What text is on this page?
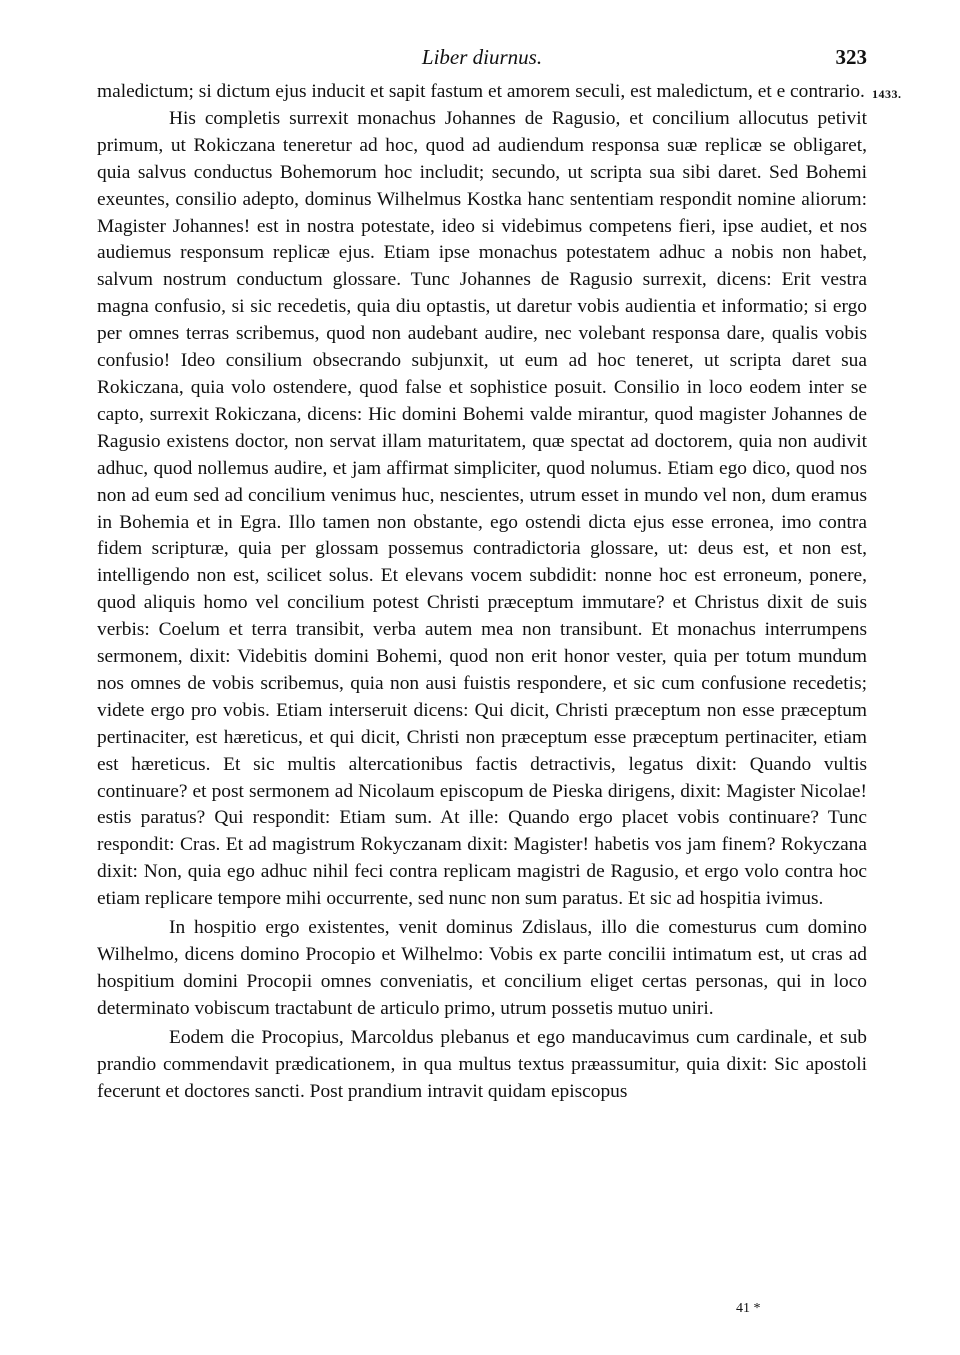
Liber diurnus.	323
1433.

maledictum; si dictum ejus inducit et sapit fastum et amorem seculi, est maledictum, et e contrario.

His completis surrexit monachus Johannes de Ragusio, et concilium allocutus petivit primum, ut Rokiczana teneretur ad hoc, quod ad audiendum responsa suæ replicæ se obligaret, quia salvus conductus Bohemorum hoc includit; secundo, ut scripta sua sibi daret. Sed Bohemi exeuntes, consilio adepto, dominus Wilhelmus Kostka hanc sententiam respondit nomine aliorum: Magister Johannes! est in nostra potestate, ideo si videbimus competens fieri, ipse audiet, et nos audiemus responsum replicæ ejus. Etiam ipse monachus potestatem adhuc a nobis non habet, salvum nostrum conductum glossare. Tunc Johannes de Ragusio surrexit, dicens: Erit vestra magna confusio, si sic recedetis, quia diu optastis, ut daretur vobis audientia et informatio; si ergo per omnes terras scribemus, quod non audebant audire, nec volebant responsa dare, qualis vobis confusio! Ideo consilium obsecrando subjunxit, ut eum ad hoc teneret, ut scripta daret sua Rokiczana, quia volo ostendere, quod false et sophistice posuit. Consilio in loco eodem inter se capto, surrexit Rokiczana, dicens: Hic domini Bohemi valde mirantur, quod magister Johannes de Ragusio existens doctor, non servat illam maturitatem, quæ spectat ad doctorem, quia non audivit adhuc, quod nollemus audire, et jam affirmat simpliciter, quod nolumus. Etiam ego dico, quod nos non ad eum sed ad concilium venimus huc, nescientes, utrum esset in mundo vel non, dum eramus in Bohemia et in Egra. Illo tamen non obstante, ego ostendi dicta ejus esse erronea, imo contra fidem scripturæ, quia per glossam possemus contradictoria glossare, ut: deus est, et non est, intelligendo non est, scilicet solus. Et elevans vocem subdidit: nonne hoc est erroneum, ponere, quod aliquis homo vel concilium potest Christi præceptum immutare? et Christus dixit de suis verbis: Coelum et terra transibit, verba autem mea non transibunt. Et monachus interrumpens sermonem, dixit: Videbitis domini Bohemi, quod non erit honor vester, quia per totum mundum nos omnes de vobis scribemus, quia non ausi fuistis respondere, et sic cum confusione recedetis; videte ergo pro vobis. Etiam interseruit dicens: Qui dicit, Christi præceptum non esse præceptum pertinaciter, est hæreticus, et qui dicit, Christi non præceptum esse præceptum pertinaciter, etiam est hæreticus. Et sic multis altercationibus factis detractivis, legatus dixit: Quando vultis continuare? et post sermonem ad Nicolaum episcopum de Pieska dirigens, dixit: Magister Nicolae! estis paratus? Qui respondit: Etiam sum. At ille: Quando ergo placet vobis continuare? Tunc respondit: Cras. Et ad magistrum Rokyczanam dixit: Magister! habetis vos jam finem? Rokyczana dixit: Non, quia ego adhuc nihil feci contra replicam magistri de Ragusio, et ergo volo contra hoc etiam replicare tempore mihi occurrente, sed nunc non sum paratus. Et sic ad hospitia ivimus.

In hospitio ergo existentes, venit dominus Zdislaus, illo die comesturus cum domino Wilhelmo, dicens domino Procopio et Wilhelmo: Vobis ex parte concilii intimatum est, ut cras ad hospitium domini Procopii omnes conveniatis, et concilium eliget certas personas, qui in loco determinato vobiscum tractabunt de articulo primo, utrum possetis mutuo uniri.

Eodem die Procopius, Marcoldus plebanus et ego manducavimus cum cardinale, et sub prandio commendavit prædicationem, in qua multus textus præassumitur, quia dixit: Sic apostoli fecerunt et doctores sancti. Post prandium intravit quidam episcopus

41 *
